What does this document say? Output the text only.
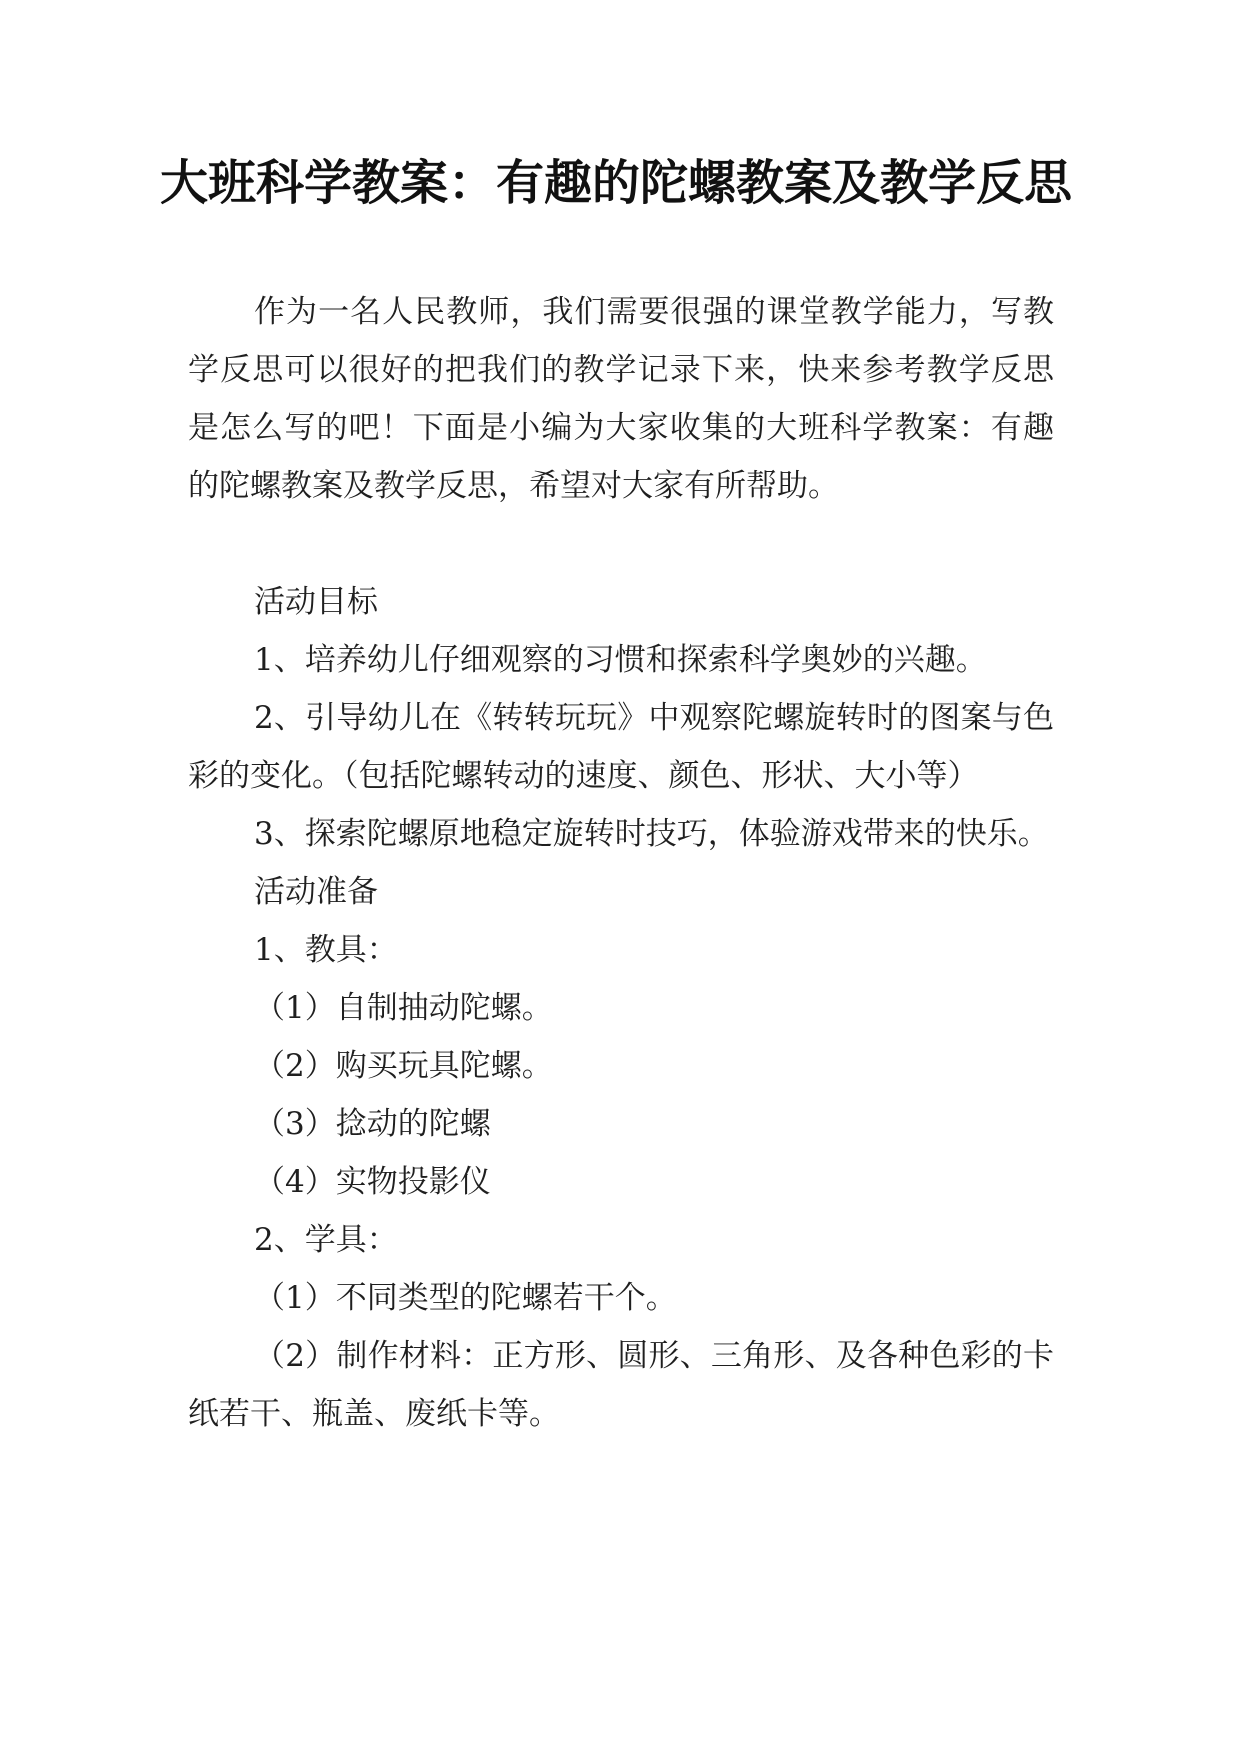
大班科学教案：有趣的陀螺教案及教学反思

作为一名人民教师，我们需要很强的课堂教学能力，写教学反思可以很好的把我们的教学记录下来，快来参考教学反思是怎么写的吧！下面是小编为大家收集的大班科学教案：有趣的陀螺教案及教学反思，希望对大家有所帮助。

活动目标

1、培养幼儿仔细观察的习惯和探索科学奥妙的兴趣。

2、引导幼儿在《转转玩玩》中观察陀螺旋转时的图案与色彩的变化。（包括陀螺转动的速度、颜色、形状、大小等）

3、探索陀螺原地稳定旋转时技巧，体验游戏带来的快乐。

活动准备

1、教具：

（1）自制抽动陀螺。

（2）购买玩具陀螺。

（3）捻动的陀螺

（4）实物投影仪

2、学具：

（1）不同类型的陀螺若干个。

（2）制作材料：正方形、圆形、三角形、及各种色彩的卡纸若干、瓶盖、废纸卡等。
